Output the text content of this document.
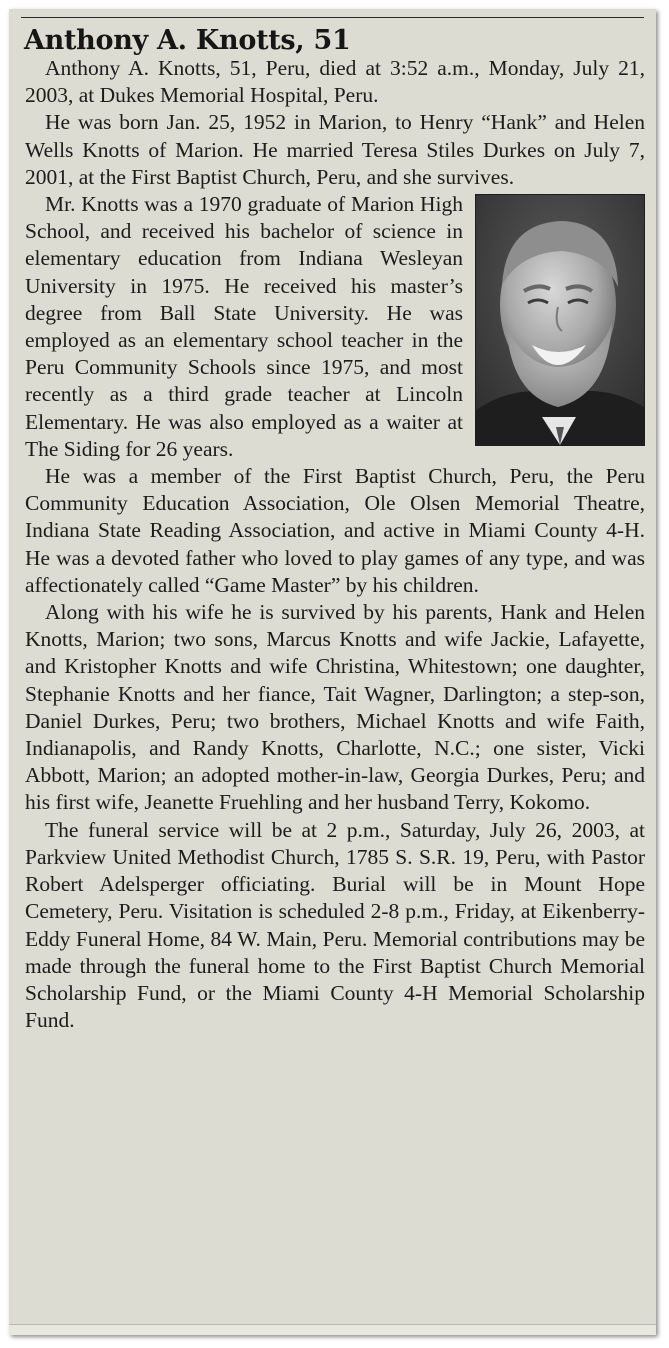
Anthony A. Knotts, 51

Anthony A. Knotts, 51, Peru, died at 3:52 a.m., Monday, July 21, 2003, at Dukes Memorial Hospital, Peru.

He was born Jan. 25, 1952 in Marion, to Henry “Hank” and Helen Wells Knotts of Marion. He married Teresa Stiles Durkes on July 7, 2001, at the First Baptist Church, Peru, and she survives.

Mr. Knotts was a 1970 graduate of Marion High School, and received his bachelor of science in elementary education from Indiana Wesleyan University in 1975. He received his master’s degree from Ball State University. He was employed as an elementary school teacher in the Peru Community Schools since 1975, and most recently as a third grade teacher at Lincoln Elementary. He was also employed as a waiter at The Siding for 26 years.

He was a member of the First Baptist Church, Peru, the Peru Community Education Association, Ole Olsen Memorial Theatre, Indiana State Reading Association, and active in Miami County 4-H. He was a devoted father who loved to play games of any type, and was affectionately called “Game Master” by his children.

Along with his wife he is survived by his parents, Hank and Helen Knotts, Marion; two sons, Marcus Knotts and wife Jackie, Lafayette, and Kristopher Knotts and wife Christina, Whitestown; one daughter, Stephanie Knotts and her fiance, Tait Wagner, Darlington; a step-son, Daniel Durkes, Peru; two brothers, Michael Knotts and wife Faith, Indianapolis, and Randy Knotts, Charlotte, N.C.; one sister, Vicki Abbott, Marion; an adopted mother-in-law, Georgia Durkes, Peru; and his first wife, Jeanette Fruehling and her husband Terry, Kokomo.

The funeral service will be at 2 p.m., Saturday, July 26, 2003, at Parkview United Methodist Church, 1785 S. S.R. 19, Peru, with Pastor Robert Adelsperger officiating. Burial will be in Mount Hope Cemetery, Peru. Visitation is scheduled 2-8 p.m., Friday, at Eikenberry-Eddy Funeral Home, 84 W. Main, Peru. Memorial contributions may be made through the funeral home to the First Baptist Church Memorial Scholarship Fund, or the Miami County 4-H Memorial Scholarship Fund.
